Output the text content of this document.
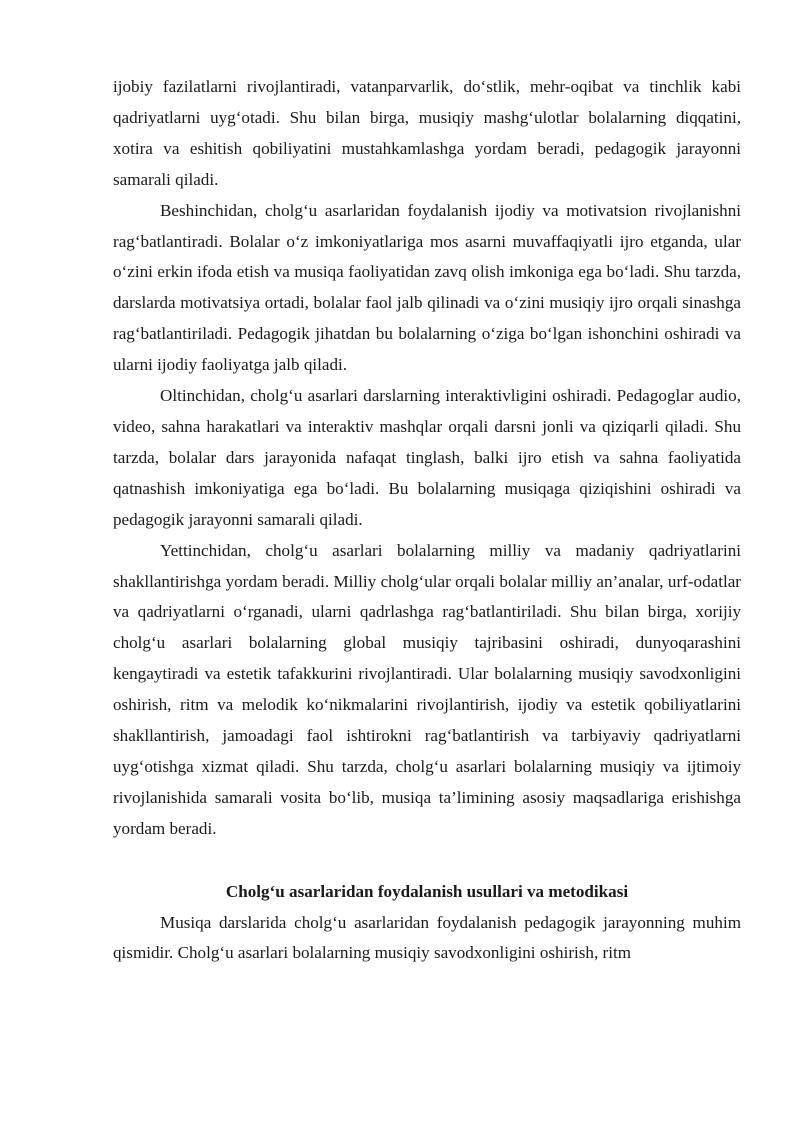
ijobiy fazilatlarni rivojlantiradi, vatanparvarlik, do‘stlik, mehr-oqibat va tinchlik kabi qadriyatlarni uyg‘otadi. Shu bilan birga, musiqiy mashg‘ulotlar bolalarning diqqatini, xotira va eshitish qobiliyatini mustahkamlashga yordam beradi, pedagogik jarayonni samarali qiladi.

Beshinchidan, cholg‘u asarlaridan foydalanish ijodiy va motivatsion rivojlanishni rag‘batlantiradi. Bolalar o‘z imkoniyatlariga mos asarni muvaffaqiyatli ijro etganda, ular o‘zini erkin ifoda etish va musiqa faoliyatidan zavq olish imkoniga ega bo‘ladi. Shu tarzda, darslarda motivatsiya ortadi, bolalar faol jalb qilinadi va o‘zini musiqiy ijro orqali sinashga rag‘batlantiriladi. Pedagogik jihatdan bu bolalarning o‘ziga bo‘lgan ishonchini oshiradi va ularni ijodiy faoliyatga jalb qiladi.

Oltinchidan, cholg‘u asarlari darslarning interaktivligini oshiradi. Pedagoglar audio, video, sahna harakatlari va interaktiv mashqlar orqali darsni jonli va qiziqarli qiladi. Shu tarzda, bolalar dars jarayonida nafaqat tinglash, balki ijro etish va sahna faoliyatida qatnashish imkoniyatiga ega bo‘ladi. Bu bolalarning musiqaga qiziqishini oshiradi va pedagogik jarayonni samarali qiladi.

Yettinchidan, cholg‘u asarlari bolalarning milliy va madaniy qadriyatlarini shakllantirishga yordam beradi. Milliy cholg‘ular orqali bolalar milliy an’analar, urf-odatlar va qadriyatlarni o‘rganadi, ularni qadrlashga rag‘batlantiriladi. Shu bilan birga, xorijiy cholg‘u asarlari bolalarning global musiqiy tajribasini oshiradi, dunyoqarashini kengaytiradi va estetik tafakkurini rivojlantiradi. Ular bolalarning musiqiy savodxonligini oshirish, ritm va melodik ko‘nikmalarini rivojlantirish, ijodiy va estetik qobiliyatlarini shakllantirish, jamoadagi faol ishtirokni rag‘batlantirish va tarbiyaviy qadriyatlarni uyg‘otishga xizmat qiladi. Shu tarzda, cholg‘u asarlari bolalarning musiqiy va ijtimoiy rivojlanishida samarali vosita bo‘lib, musiqa ta’limining asosiy maqsadlariga erishishga yordam beradi.

Cholg‘u asarlaridan foydalanish usullari va metodikasi

Musiqa darslarida cholg‘u asarlaridan foydalanish pedagogik jarayonning muhim qismidir. Cholg‘u asarlari bolalarning musiqiy savodxonligini oshirish, ritm
